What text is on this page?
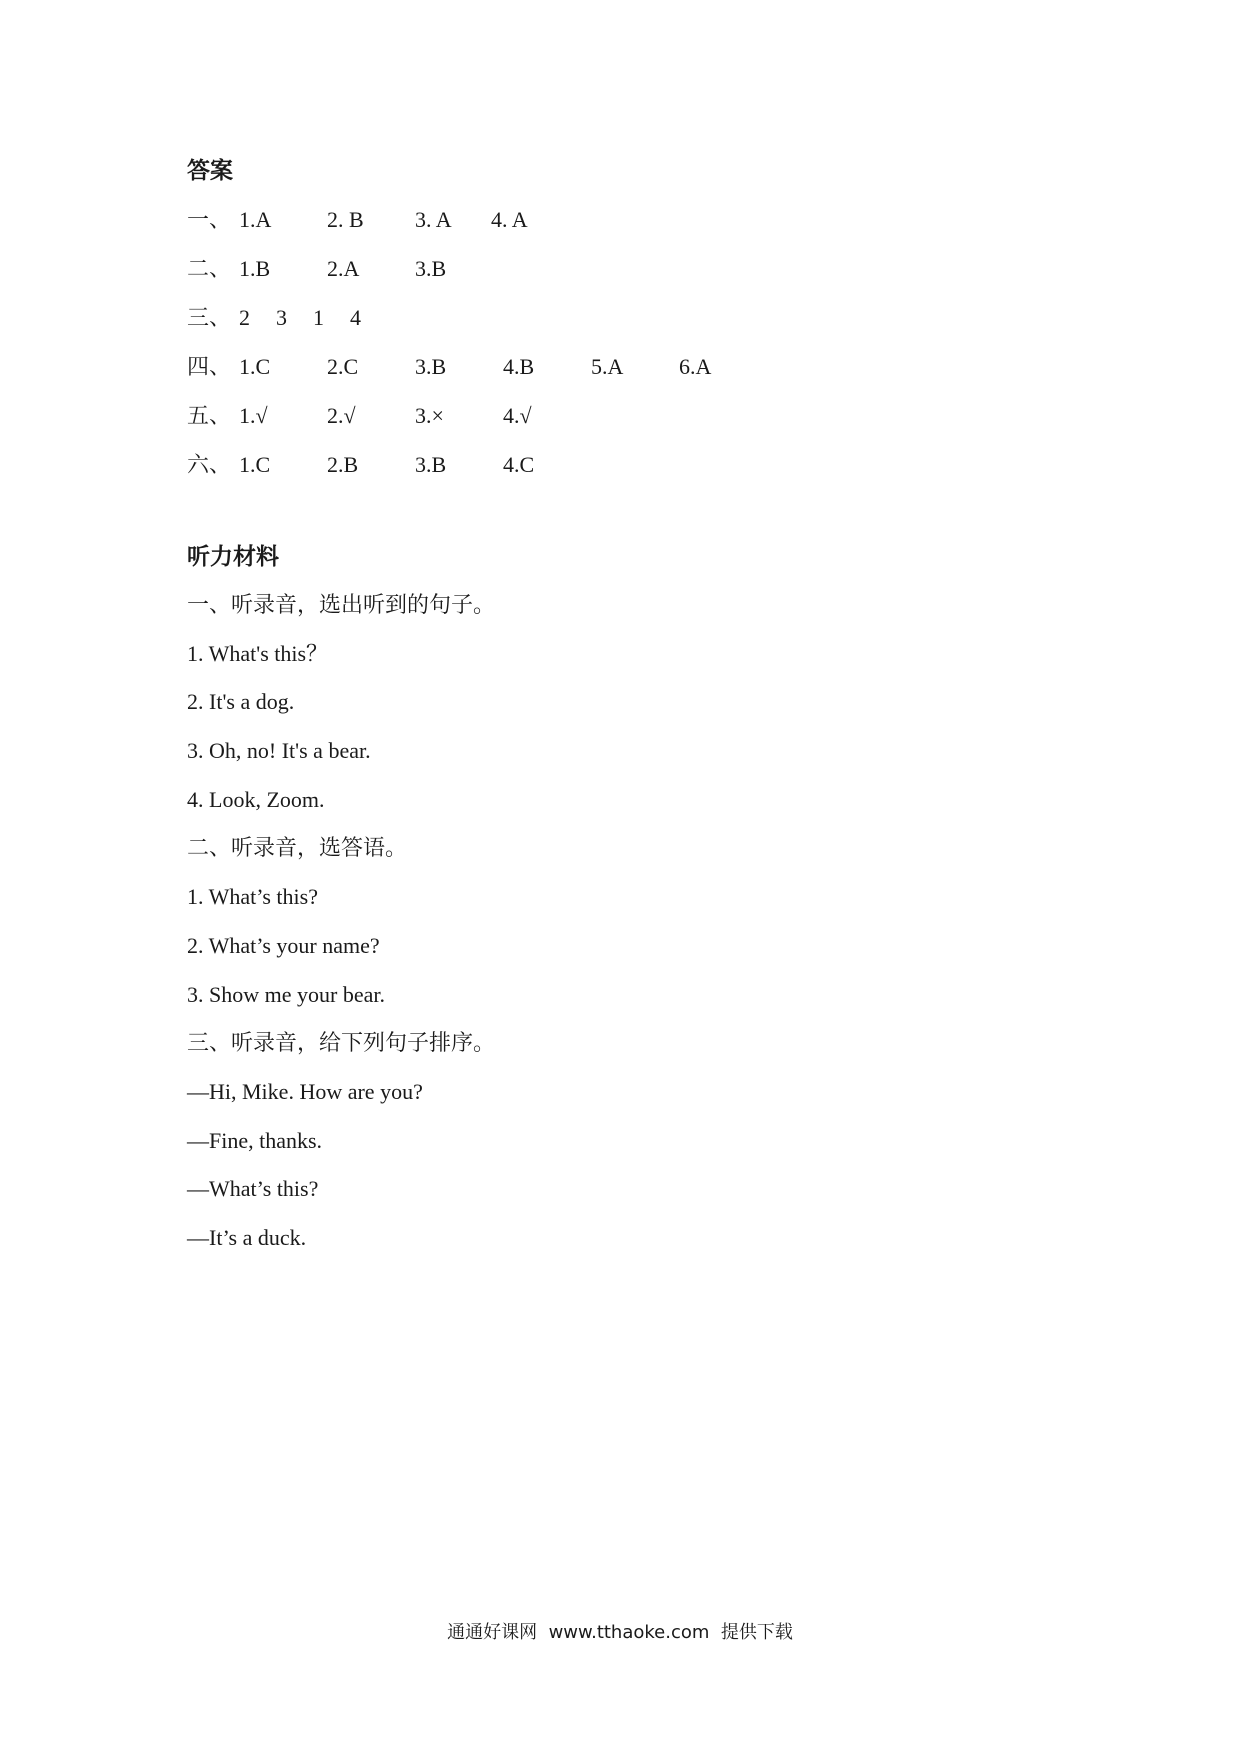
答案
一、 1.A	2. B	3. A	4. A
二、 1.B	2.A	3.B
三、 2	3	1	4
四、 1.C	2.C	3.B	4.B	5.A	6.A
五、 1.√	2.√	3.×	4.√
六、 1.C	2.B	3.B	4.C
听力材料
一、听录音，选出听到的句子。
1. What's this？
2. It's a dog.
3. Oh, no! It's a bear.
4. Look, Zoom.
二、听录音，选答语。
1. What’s this?
2. What’s your name?
3. Show me your bear.
三、听录音，给下列句子排序。
—Hi, Mike. How are you?
—Fine, thanks.
—What’s this?
—It’s a duck.
通通好课网 www.tthaoke.com 提供下载
